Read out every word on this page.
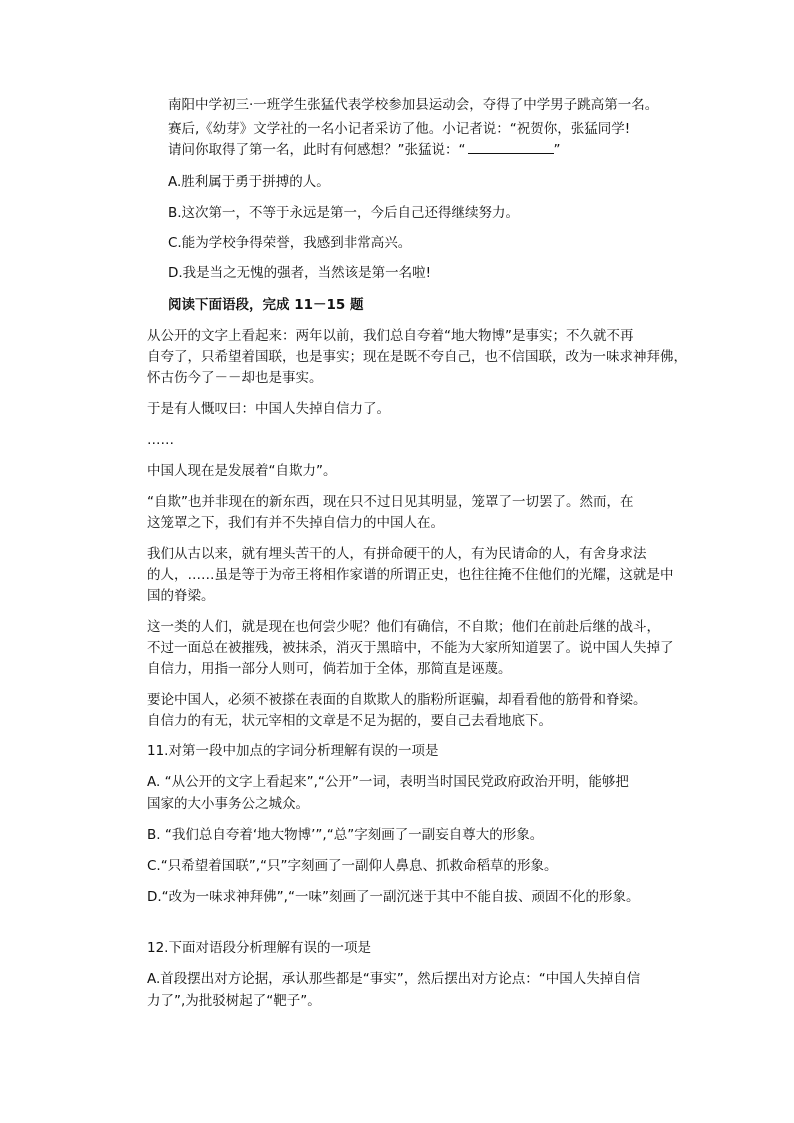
南阳中学初三·一班学生张猛代表学校参加县运动会，夺得了中学男子跳高第一名。
赛后,《幼芽》文学社的一名小记者采访了他。小记者说：“祝贺你，张猛同学!
请问你取得了第一名，此时有何感想？”张猛说：“	”
A.胜利属于勇于拼搏的人。
B.这次第一，不等于永远是第一，今后自己还得继续努力。
C.能为学校争得荣誉，我感到非常高兴。
D.我是当之无愧的强者，当然该是第一名啦!
阅读下面语段，完成 11－15 题
从公开的文字上看起来：两年以前，我们总自夸着“地大物博”是事实；不久就不再
自夸了，只希望着国联，也是事实；现在是既不夸自己，也不信国联，改为一味求神拜佛，
怀古伤今了－－却也是事实。
于是有人慨叹曰：中国人失掉自信力了。
……
中国人现在是发展着“自欺力”。
“自欺”也并非现在的新东西，现在只不过日见其明显，笼罩了一切罢了。然而，在
这笼罩之下，我们有并不失掉自信力的中国人在。
我们从古以来，就有埋头苦干的人，有拼命硬干的人，有为民请命的人，有舍身求法
的人，……虽是等于为帝王将相作家谱的所谓正史，也往往掩不住他们的光耀，这就是中
国的脊梁。
这一类的人们，就是现在也何尝少呢？他们有确信，不自欺；他们在前赴后继的战斗，
不过一面总在被摧残，被抹杀，消灭于黑暗中，不能为大家所知道罢了。说中国人失掉了
自信力，用指一部分人则可，倘若加于全体，那简直是诬蔑。
要论中国人，必须不被搽在表面的自欺欺人的脂粉所诓骗，却看看他的筋骨和脊梁。
自信力的有无，状元宰相的文章是不足为据的，要自己去看地底下。
11.对第一段中加点的字词分析理解有误的一项是
A. “从公开的文字上看起来”,“公开”一词，表明当时国民党政府政治开明，能够把
国家的大小事务公之城众。
B. “我们总自夸着‘地大物博’”,“总”字刻画了一副妄自尊大的形象。
C.“只希望着国联”,“只”字刻画了一副仰人鼻息、抓救命稻草的形象。
D.“改为一味求神拜佛”,“一味”刻画了一副沉迷于其中不能自拔、顽固不化的形象。
12.下面对语段分析理解有误的一项是
A.首段摆出对方论据，承认那些都是“事实”，然后摆出对方论点：“中国人失掉自信
力了”,为批驳树起了“靶子”。
